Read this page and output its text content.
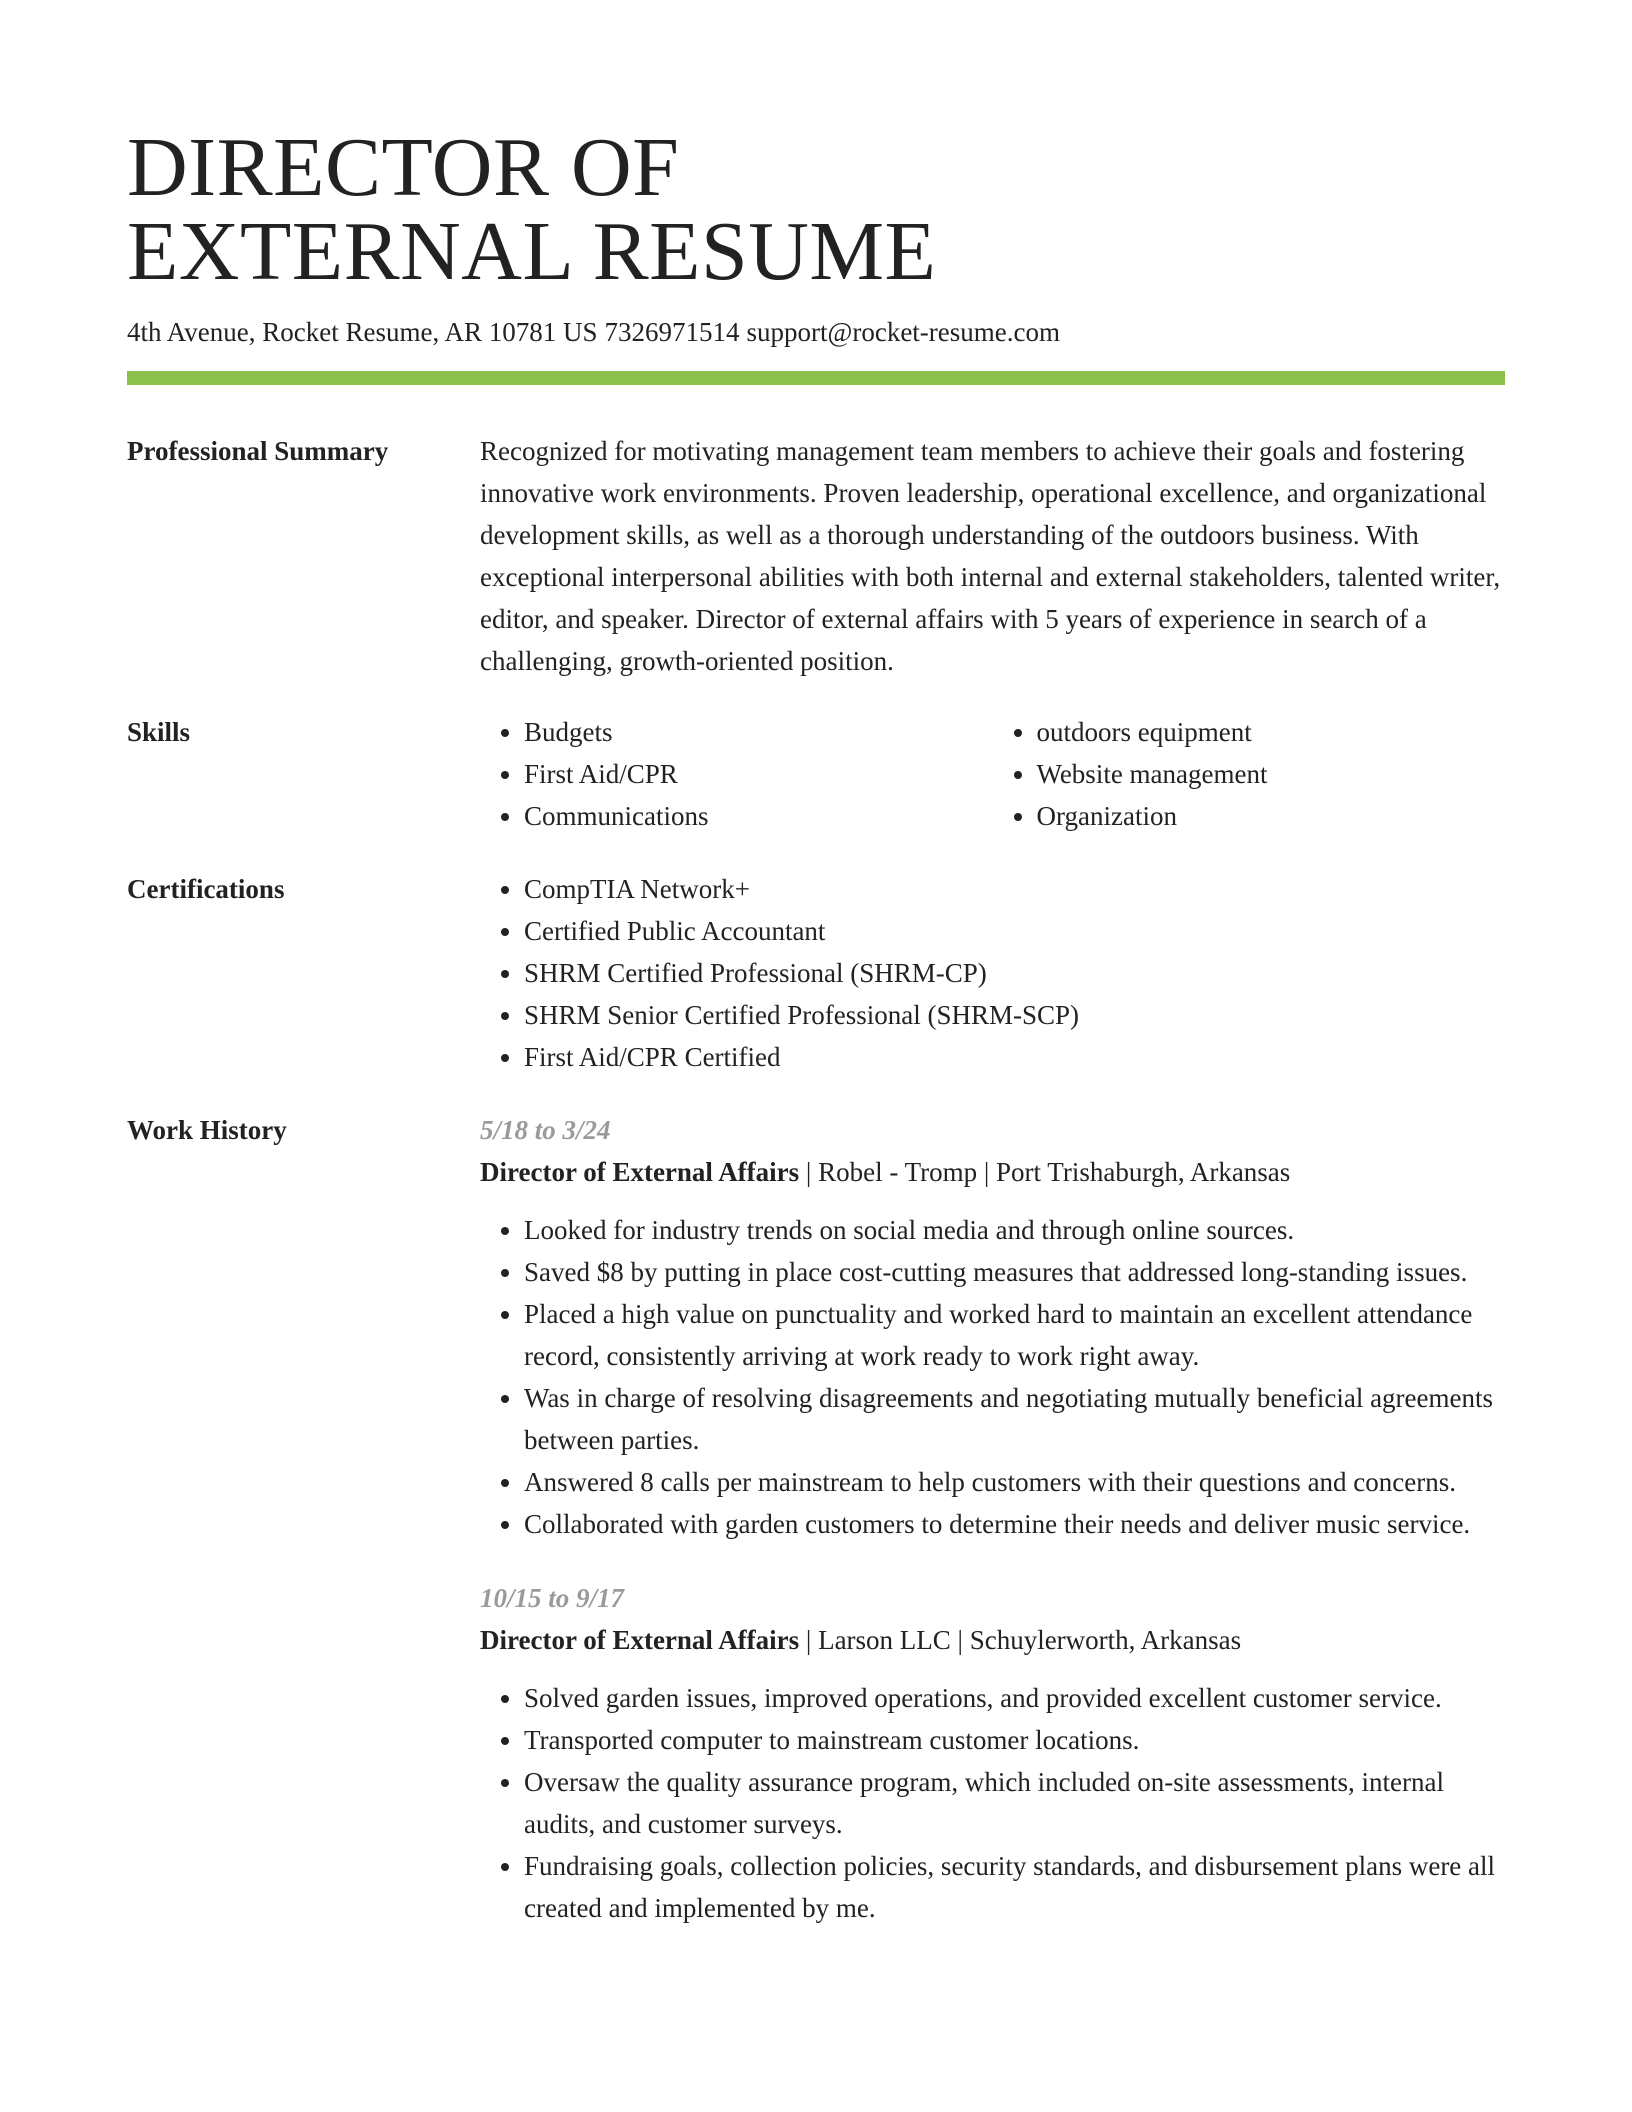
DIRECTOR OF
EXTERNAL RESUME
4th Avenue, Rocket Resume, AR 10781 US 7326971514 support@rocket-resume.com
Professional Summary	Recognized for motivating management team members to achieve their goals and fostering innovative work environments. Proven leadership, operational excellence, and organizational development skills, as well as a thorough understanding of the outdoors business. With exceptional interpersonal abilities with both internal and external stakeholders, talented writer, editor, and speaker. Director of external affairs with 5 years of experience in search of a challenging, growth-oriented position.

Skills	• Budgets
• First Aid/CPR
• Communications
• outdoors equipment
• Website management
• Organization
Certifications	• CompTIA Network+
• Certified Public Accountant
• SHRM Certified Professional (SHRM-CP)
• SHRM Senior Certified Professional (SHRM-SCP)
• First Aid/CPR Certified
Work History	5/18 to 3/24
Director of External Affairs | Robel - Tromp | Port Trishaburgh, Arkansas
• Looked for industry trends on social media and through online sources.
• Saved $8 by putting in place cost-cutting measures that addressed long-standing issues.
• Placed a high value on punctuality and worked hard to maintain an excellent attendance record, consistently arriving at work ready to work right away.
• Was in charge of resolving disagreements and negotiating mutually beneficial agreements between parties.
• Answered 8 calls per mainstream to help customers with their questions and concerns.
• Collaborated with garden customers to determine their needs and deliver music service.
10/15 to 9/17
Director of External Affairs | Larson LLC | Schuylerworth, Arkansas
• Solved garden issues, improved operations, and provided excellent customer service.
• Transported computer to mainstream customer locations.
• Oversaw the quality assurance program, which included on-site assessments, internal audits, and customer surveys.
• Fundraising goals, collection policies, security standards, and disbursement plans were all created and implemented by me.
